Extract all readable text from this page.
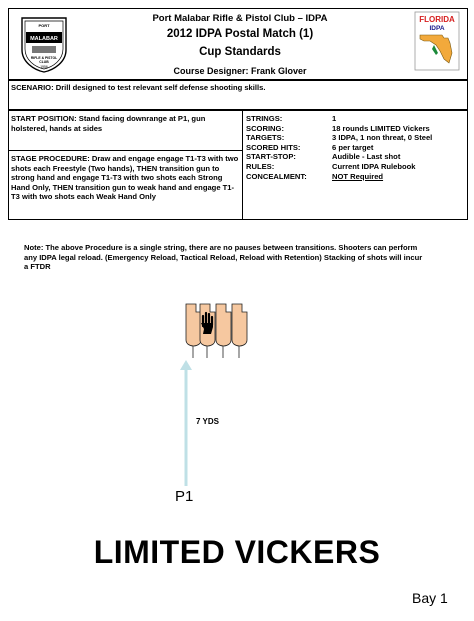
PORT
MALABAR
RIFLE & PISTOL
CLUB
1956
Port Malabar Rifle & Pistol Club – IDPA
2012 IDPA Postal Match (1)
Cup Standards
Course Designer: Frank Glover
FLORIDA
IDPA
SCENARIO: Drill designed to test relevant self defense shooting skills.
START POSITION: Stand facing downrange at P1, gun holstered, hands at sides
STAGE PROCEDURE: Draw and engage engage T1-T3 with two shots each Freestyle (Two hands), THEN transition gun to strong hand and engage T1-T3 with two shots each Strong Hand Only, THEN transition gun to weak hand and engage T1-T3 with two shots each Weak Hand Only
STRINGS:	1
SCORING:	18 rounds LIMITED Vickers
TARGETS:	3 IDPA, 1 non threat, 0 Steel
SCORED HITS:	6 per target
START-STOP:	Audible - Last shot
RULES:	Current IDPA Rulebook
CONCEALMENT:	NOT Required
Note: The above Procedure is a single string, there are no pauses between transitions. Shooters can perform any IDPA legal reload. (Emergency Reload, Tactical Reload, Reload with Retention) Stacking of shots will incur a FTDR
7 YDS
P1
LIMITED VICKERS
Bay 1
